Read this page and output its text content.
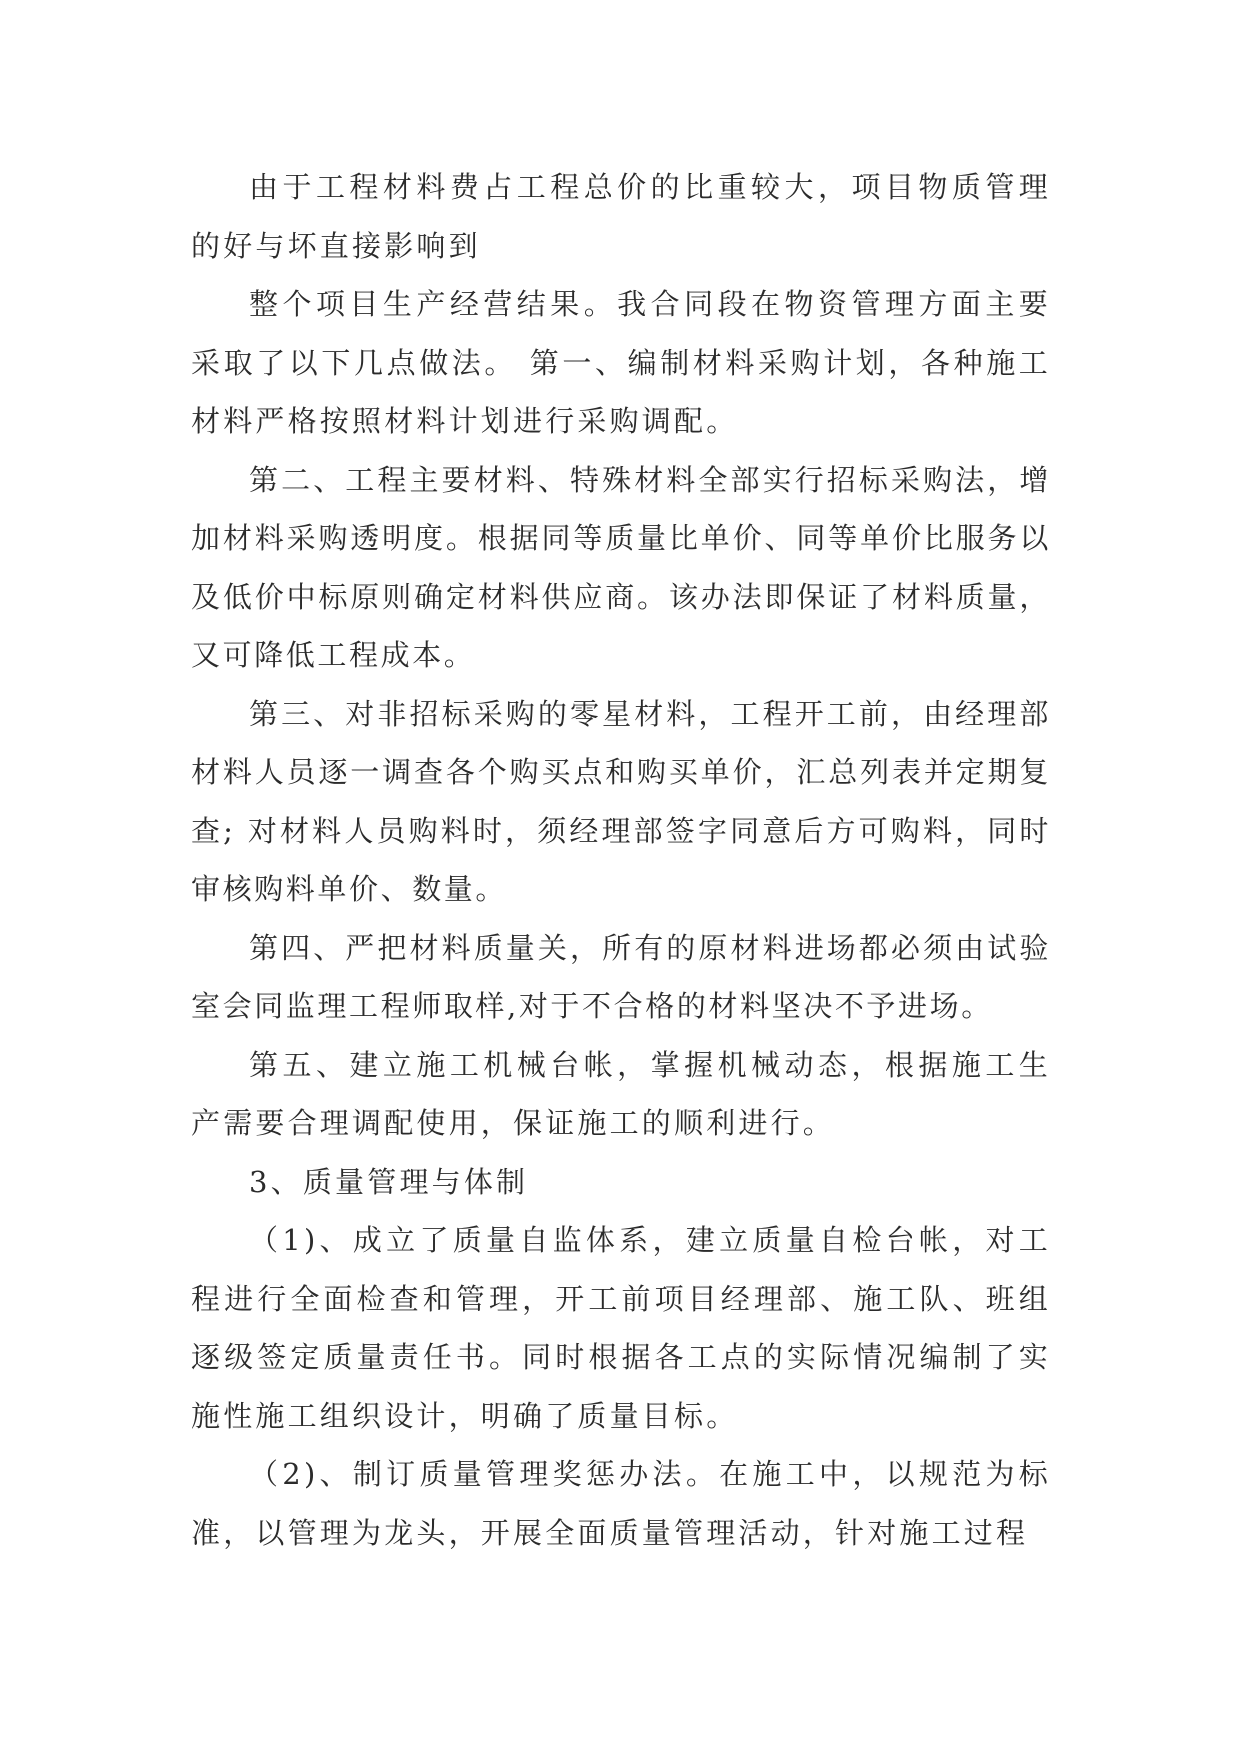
由于工程材料费占工程总价的比重较大，项目物质管理的好与坏直接影响到

整个项目生产经营结果。我合同段在物资管理方面主要采取了以下几点做法。 第一、编制材料采购计划，各种施工材料严格按照材料计划进行采购调配。

第二、工程主要材料、特殊材料全部实行招标采购法，增加材料采购透明度。根据同等质量比单价、同等单价比服务以及低价中标原则确定材料供应商。该办法即保证了材料质量，又可降低工程成本。

第三、对非招标采购的零星材料，工程开工前，由经理部材料人员逐一调查各个购买点和购买单价，汇总列表并定期复查; 对材料人员购料时，须经理部签字同意后方可购料，同时审核购料单价、数量。

第四、严把材料质量关，所有的原材料进场都必须由试验室会同监理工程师取样,对于不合格的材料坚决不予进场。

第五、建立施工机械台帐，掌握机械动态，根据施工生产需要合理调配使用，保证施工的顺利进行。

3、质量管理与体制

（1)、成立了质量自监体系，建立质量自检台帐，对工程进行全面检查和管理，开工前项目经理部、施工队、班组逐级签定质量责任书。同时根据各工点的实际情况编制了实施性施工组织设计，明确了质量目标。

（2)、制订质量管理奖惩办法。在施工中，以规范为标准，以管理为龙头，开展全面质量管理活动，针对施工过程
